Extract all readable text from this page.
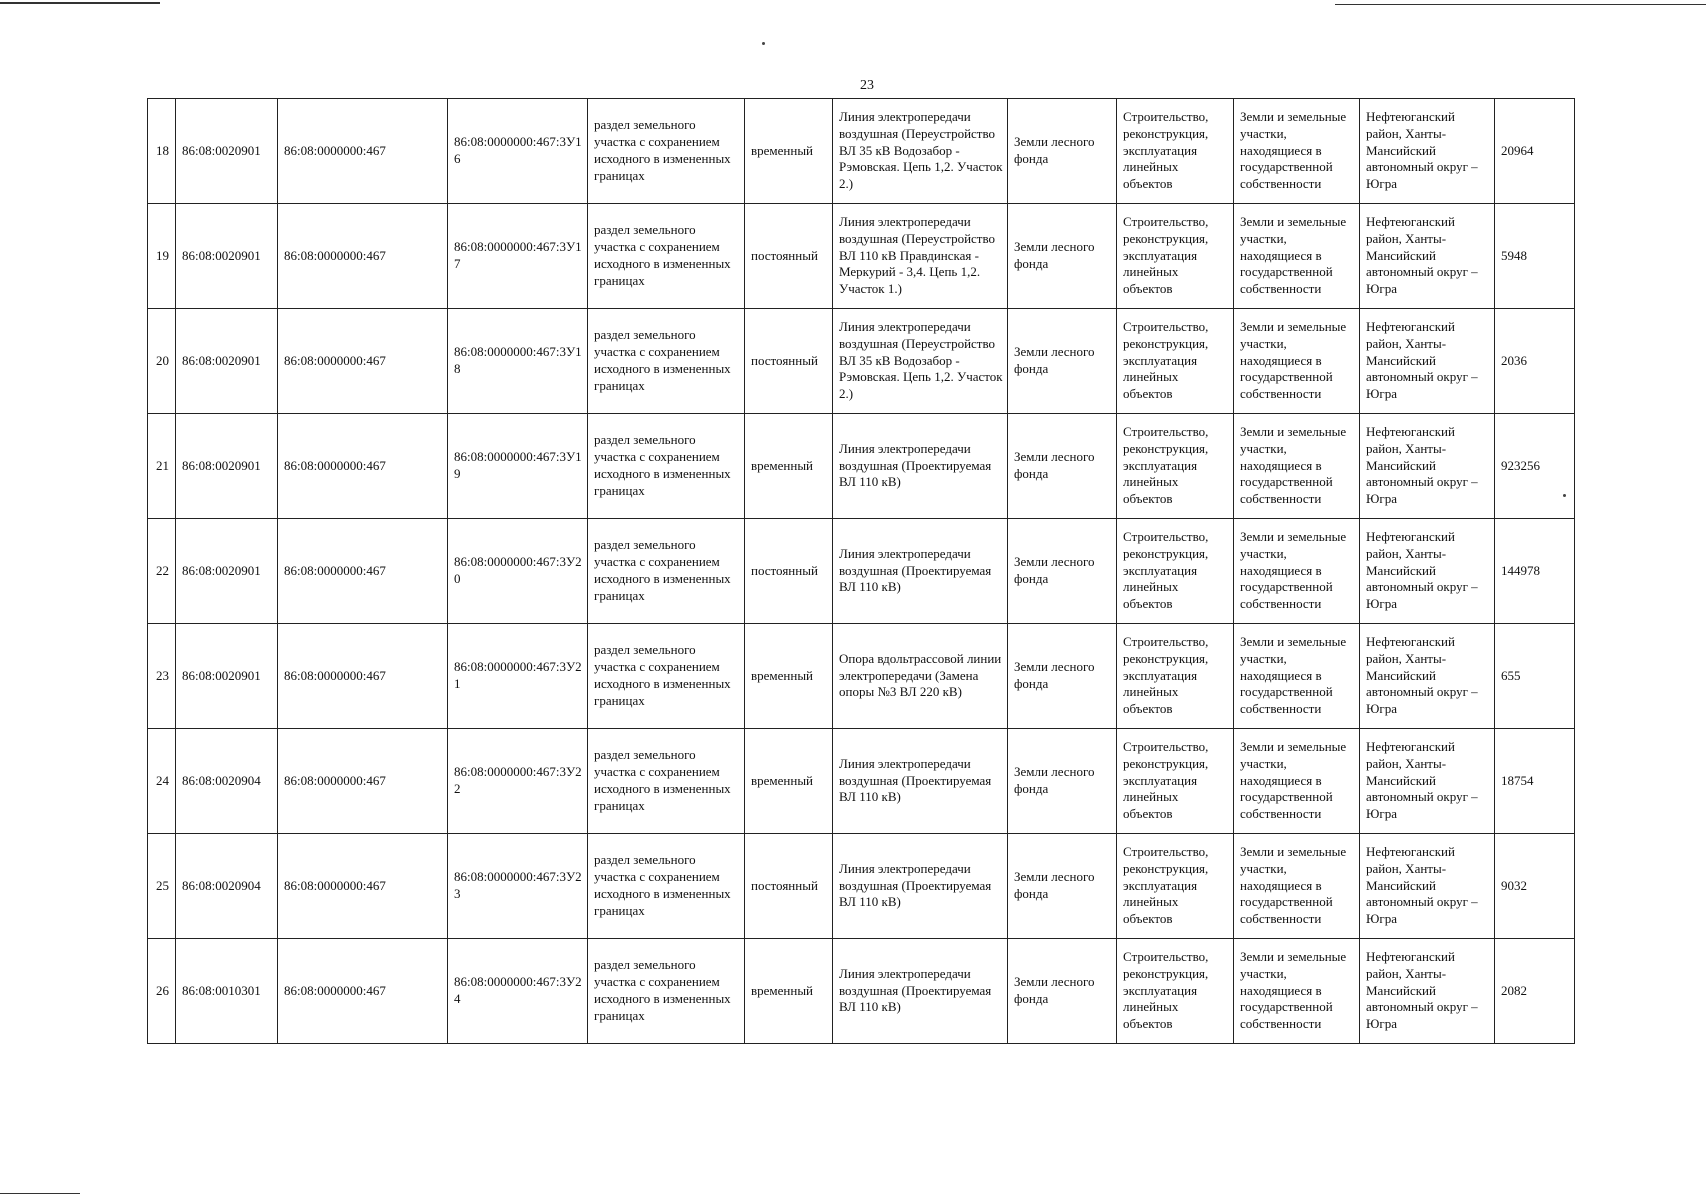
23
18	86:08:0020901	86:08:0000000:467	86:08:0000000:467:3У16	раздел земельного участка с сохранением исходного в измененных границах	временный	Линия электропередачи воздушная (Переустройство ВЛ 35 кВ Водозабор - Рэмовская. Цепь 1,2. Участок 2.)	Земли лесного фонда	Строительство, реконструкция, эксплуатация линейных объектов	Земли и земельные участки, находящиеся в государственной собственности	Нефтеюганский район, Ханты-Мансийский автономный округ – Югра	20964
19	86:08:0020901	86:08:0000000:467	86:08:0000000:467:3У17	раздел земельного участка с сохранением исходного в измененных границах	постоянный	Линия электропередачи воздушная (Переустройство ВЛ 110 кВ Правдинская - Меркурий - 3,4. Цепь 1,2. Участок 1.)	Земли лесного фонда	Строительство, реконструкция, эксплуатация линейных объектов	Земли и земельные участки, находящиеся в государственной собственности	Нефтеюганский район, Ханты-Мансийский автономный округ – Югра	5948
20	86:08:0020901	86:08:0000000:467	86:08:0000000:467:3У18	раздел земельного участка с сохранением исходного в измененных границах	постоянный	Линия электропередачи воздушная (Переустройство ВЛ 35 кВ Водозабор - Рэмовская. Цепь 1,2. Участок 2.)	Земли лесного фонда	Строительство, реконструкция, эксплуатация линейных объектов	Земли и земельные участки, находящиеся в государственной собственности	Нефтеюганский район, Ханты-Мансийский автономный округ – Югра	2036
21	86:08:0020901	86:08:0000000:467	86:08:0000000:467:3У19	раздел земельного участка с сохранением исходного в измененных границах	временный	Линия электропередачи воздушная (Проектируемая ВЛ 110 кВ)	Земли лесного фонда	Строительство, реконструкция, эксплуатация линейных объектов	Земли и земельные участки, находящиеся в государственной собственности	Нефтеюганский район, Ханты-Мансийский автономный округ – Югра	923256
22	86:08:0020901	86:08:0000000:467	86:08:0000000:467:3У20	раздел земельного участка с сохранением исходного в измененных границах	постоянный	Линия электропередачи воздушная (Проектируемая ВЛ 110 кВ)	Земли лесного фонда	Строительство, реконструкция, эксплуатация линейных объектов	Земли и земельные участки, находящиеся в государственной собственности	Нефтеюганский район, Ханты-Мансийский автономный округ – Югра	144978
23	86:08:0020901	86:08:0000000:467	86:08:0000000:467:3У21	раздел земельного участка с сохранением исходного в измененных границах	временный	Опора вдольтрассовой линии электропередачи (Замена опоры №3 ВЛ 220 кВ)	Земли лесного фонда	Строительство, реконструкция, эксплуатация линейных объектов	Земли и земельные участки, находящиеся в государственной собственности	Нефтеюганский район, Ханты-Мансийский автономный округ – Югра	655
24	86:08:0020904	86:08:0000000:467	86:08:0000000:467:3У22	раздел земельного участка с сохранением исходного в измененных границах	временный	Линия электропередачи воздушная (Проектируемая ВЛ 110 кВ)	Земли лесного фонда	Строительство, реконструкция, эксплуатация линейных объектов	Земли и земельные участки, находящиеся в государственной собственности	Нефтеюганский район, Ханты-Мансийский автономный округ – Югра	18754
25	86:08:0020904	86:08:0000000:467	86:08:0000000:467:3У23	раздел земельного участка с сохранением исходного в измененных границах	постоянный	Линия электропередачи воздушная (Проектируемая ВЛ 110 кВ)	Земли лесного фонда	Строительство, реконструкция, эксплуатация линейных объектов	Земли и земельные участки, находящиеся в государственной собственности	Нефтеюганский район, Ханты-Мансийский автономный округ – Югра	9032
26	86:08:0010301	86:08:0000000:467	86:08:0000000:467:3У24	раздел земельного участка с сохранением исходного в измененных границах	временный	Линия электропередачи воздушная (Проектируемая ВЛ 110 кВ)	Земли лесного фонда	Строительство, реконструкция, эксплуатация линейных объектов	Земли и земельные участки, находящиеся в государственной собственности	Нефтеюганский район, Ханты-Мансийский автономный округ – Югра	2082
